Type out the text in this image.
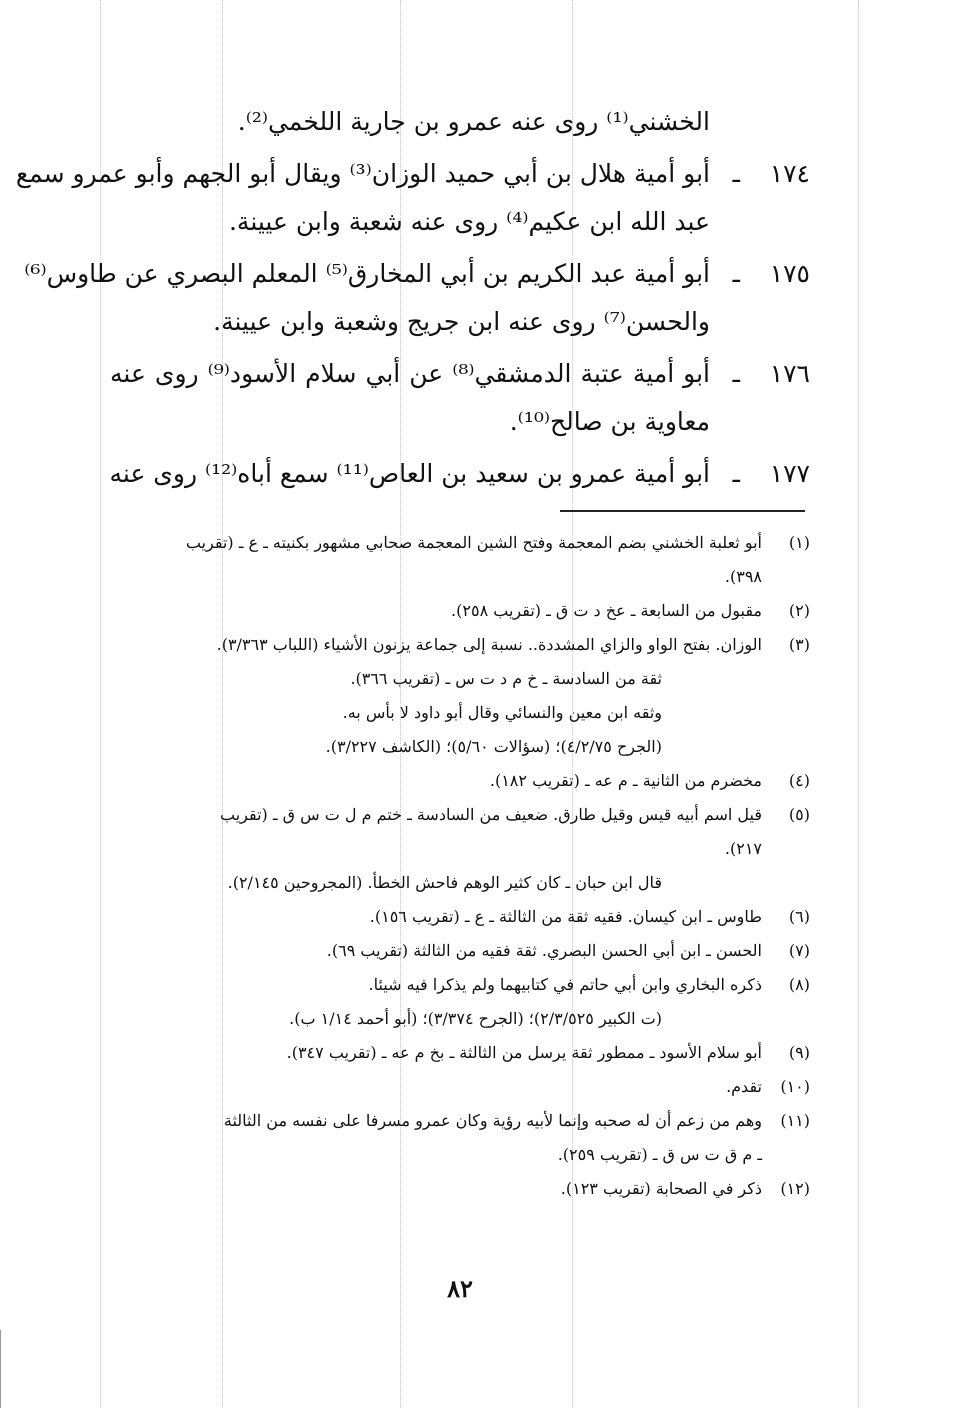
الخشني⁽¹⁾ روى عنه عمرو بن جارية اللخمي⁽²⁾.
١٧٤ـأبو أمية هلال بن أبي حميد الوزان⁽³⁾ ويقال أبو الجهم وأبو عمرو سمع
عبد الله ابن عكيم⁽⁴⁾ روى عنه شعبة وابن عيينة.
١٧٥ـأبو أمية عبد الكريم بن أبي المخارق⁽⁵⁾ المعلم البصري عن طاوس⁽⁶⁾
والحسن⁽⁷⁾ روى عنه ابن جريج وشعبة وابن عيينة.
١٧٦ـأبو أمية عتبة الدمشقي⁽⁸⁾ عن أبي سلام الأسود⁽⁹⁾ روى عنه
معاوية بن صالح⁽¹⁰⁾.
١٧٧ـأبو أمية عمرو بن سعيد بن العاص⁽¹¹⁾ سمع أباه⁽¹²⁾ روى عنه
(١)
أبو ثعلبة الخشني بضم المعجمة وفتح الشين المعجمة صحابي مشهور بكنيته ـ ع ـ (تقريب
٣٩٨).
(٢)
مقبول من السابعة ـ عخ د ت ق ـ (تقريب ٢٥٨).
(٣)
الوزان. بفتح الواو والزاي المشددة.. نسبة إلى جماعة يزنون الأشياء (اللباب ٣/٣٦٣).
ثقة من السادسة ـ خ م د ت س ـ (تقريب ٣٦٦).
وثقه ابن معين والنسائي وقال أبو داود لا بأس به.
(الجرح ٤/٢/٧٥)؛ (سؤالات ٥/٦٠)؛ (الكاشف ٣/٢٢٧).
(٤)
مخضرم من الثانية ـ م عه ـ (تقريب ١٨٢).
(٥)
قيل اسم أبيه قيس وقيل طارق. ضعيف من السادسة ـ ختم م ل ت س ق ـ (تقريب
٢١٧).
قال ابن حبان ـ كان كثير الوهم فاحش الخطأ. (المجروحين ٢/١٤٥).
(٦)
طاوس ـ ابن كيسان. فقيه ثقة من الثالثة ـ ع ـ (تقريب ١٥٦).
(٧)
الحسن ـ ابن أبي الحسن البصري. ثقة فقيه من الثالثة (تقريب ٦٩).
(٨)
ذكره البخاري وابن أبي حاتم في كتابيهما ولم يذكرا فيه شيئا.
(ت الكبير ٢/٣/٥٢٥)؛ (الجرح ٣/٣٧٤)؛ (أبو أحمد ١/١٤ ب).
(٩)
أبو سلام الأسود ـ ممطور ثقة يرسل من الثالثة ـ بخ م عه ـ (تقريب ٣٤٧).
(١٠)
تقدم.
(١١)
وهم من زعم أن له صحبه وإنما لأبيه رؤية وكان عمرو مسرفا على نفسه من الثالثة
ـ م ق ت س ق ـ (تقريب ٢٥٩).
(١٢)
ذكر في الصحابة (تقريب ١٢٣).
٨٢
